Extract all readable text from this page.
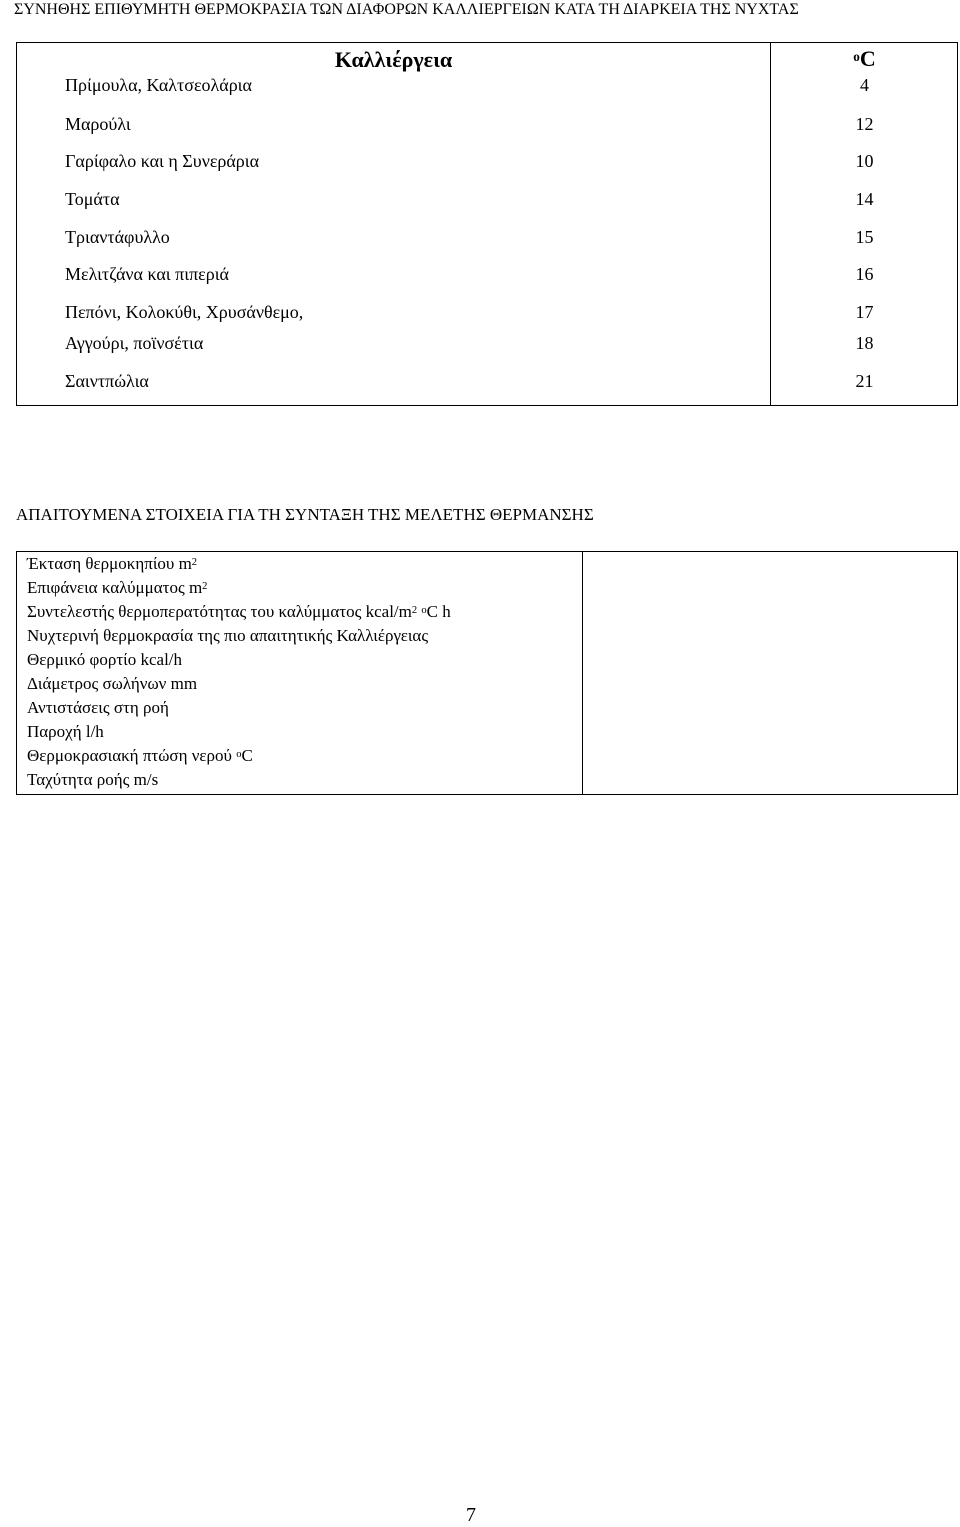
ΣΥΝΗΘΗΣ ΕΠΙΘΥΜΗΤΗ ΘΕΡΜΟΚΡΑΣΙΑ ΤΩΝ ΔΙΑΦΟΡΩΝ ΚΑΛΛΙΕΡΓΕΙΩΝ ΚΑΤΑ ΤΗ ΔΙΑΡΚΕΙΑ ΤΗΣ ΝΥΧΤΑΣ
Καλλιέργεια	$^o$C
Πρίμουλα, Καλτσεολάρια	4
Μαρούλι	12
Γαρίφαλο και η Συνεράρια	10
Τομάτα	14
Τριαντάφυλλο	15
Μελιτζάνα και πιπεριά	16
Πεπόνι, Κολοκύθι, Χρυσάνθεμο,	17
Αγγούρι, ποϊνσέτια	18
Σαιντπώλια	21
ΑΠΑΙΤΟΥΜΕΝΑ ΣΤΟΙΧΕΙΑ ΓΙΑ ΤΗ ΣΥΝΤΑΞΗ ΤΗΣ ΜΕΛΕΤΗΣ ΘΕΡΜΑΝΣΗΣ
Έκταση θερμοκηπίου $m^2$
Επιφάνεια καλύμματος $m^2$
Συντελεστής θερμοπερατότητας του καλύμματος kcal/$m^2$ $^o$C h
Νυχτερινή θερμοκρασία της πιο απαιτητικής Καλλιέργειας
Θερμικό φορτίο kcal/h
Διάμετρος σωλήνων mm
Αντιστάσεις στη ροή
Παροχή l/h
Θερμοκρασιακή πτώση νερού $^o$C
Ταχύτητα ροής m/s
7
